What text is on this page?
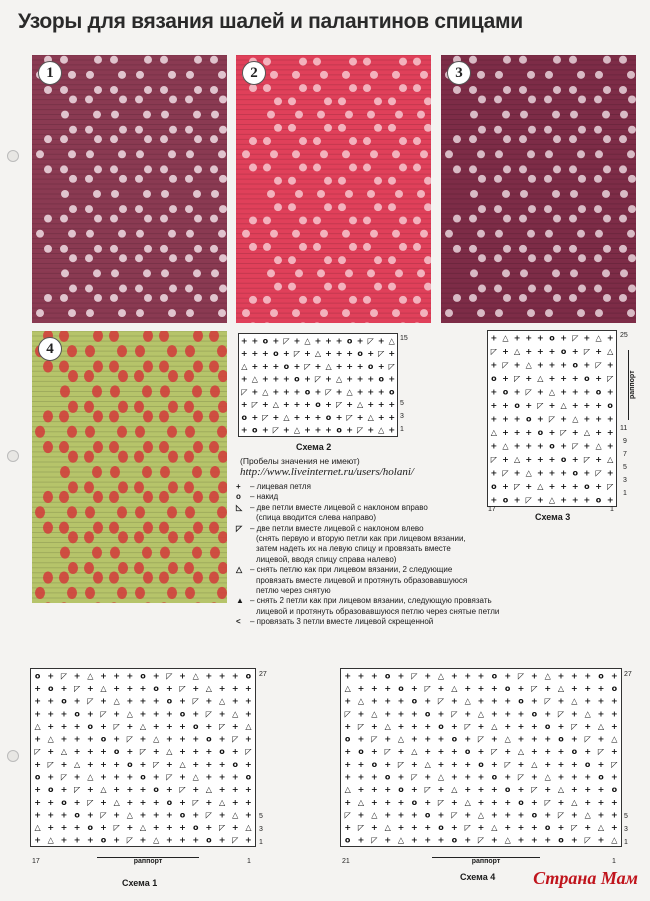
Узоры для вязания шалей и палантинов спицами
1	2	3
4
+ + o + ◸ + △ + + + o + ◸ + △
+ + + o + ◸ + △ + + + o + ◸ +
△ + + + o + ◸ + △ + + + o + ◸
+ △ + + + o + ◸ + △ + + + o +
◸ + △ + + + o + ◸ + △ + + + o
+ ◸ + △ + + + o + ◸ + △ + + +
o + ◸ + △ + + + o + ◸ + △ + +
+ o + ◸ + △ + + + o + ◸ + △ +
15
5
3
1
Схема 2
+ △ + + + o + ◸ + △ +
◸ + △ + + + o + ◸ + △
+ ◸ + △ + + + o + ◸ +
o + ◸ + △ + + + o + ◸
+ o + ◸ + △ + + + o +
+ + o + ◸ + △ + + + o
+ + + o + ◸ + △ + + +
△ + + + o + ◸ + △ + +
+ △ + + + o + ◸ + △ +
◸ + △ + + + o + ◸ + △
+ ◸ + △ + + + o + ◸ +
o + ◸ + △ + + + o + ◸
+ o + ◸ + △ + + + o +
25
11
9
7
5
3
1
раппорт
17	1
Схема 3
(Пробелы значения не имеют)
http://www.liveinternet.ru/users/holani/
+ – лицевая петля
o – накид
◺ – две петли вместе лицевой с наклоном вправо
(спица вводится слева направо)
◸ – две петли вместе лицевой с наклоном влево
(снять первую и вторую петли как при лицевом вязании,
затем надеть их на левую спицу и провязать вместе
лицевой, вводя спицу справа налево)
△ – снять петлю как при лицевом вязании, 2 следующие
провязать вместе лицевой и протянуть образовавшуюся
петлю через снятую
▲ – снять 2 петли как при лицевом вязании, следующую провязать
лицевой и протянуть образовавшуюся петлю через снятые петли
< – провязать 3 петли вместе лицевой скрещенной
o + ◸ + △ + + + o + ◸ + △ + + + o
+ o + ◸ + △ + + + o + ◸ + △ + + +
+ + o + ◸ + △ + + + o + ◸ + △ + +
+ + + o + ◸ + △ + + + o + ◸ + △ +
△ + + + o + ◸ + △ + + + o + ◸ + △
+ △ + + + o + ◸ + △ + + + o + ◸ +
◸ + △ + + + o + ◸ + △ + + + o + ◸
+ ◸ + △ + + + o + ◸ + △ + + + o +
o + ◸ + △ + + + o + ◸ + △ + + + o
+ o + ◸ + △ + + + o + ◸ + △ + + +
+ + o + ◸ + △ + + + o + ◸ + △ + +
+ + + o + ◸ + △ + + + o + ◸ + △ +
△ + + + o + ◸ + △ + + + o + ◸ + △
+ △ + + + o + ◸ + △ + + + o + ◸ +
27
5
3
1
17	1
раппорт
Схема 1
+ + + o + ◸ + △ + + + o + ◸ + △ + + + o +
△ + + + o + ◸ + △ + + + o + ◸ + △ + + + o
+ △ + + + o + ◸ + △ + + + o + ◸ + △ + + +
◸ + △ + + + o + ◸ + △ + + + o + ◸ + △ + +
+ ◸ + △ + + + o + ◸ + △ + + + o + ◸ + △ +
o + ◸ + △ + + + o + ◸ + △ + + + o + ◸ + △
+ o + ◸ + △ + + + o + ◸ + △ + + + o + ◸ +
+ + o + ◸ + △ + + + o + ◸ + △ + + + o + ◸
+ + + o + ◸ + △ + + + o + ◸ + △ + + + o +
△ + + + o + ◸ + △ + + + o + ◸ + △ + + + o
+ △ + + + o + ◸ + △ + + + o + ◸ + △ + + +
◸ + △ + + + o + ◸ + △ + + + o + ◸ + △ + +
+ ◸ + △ + + + o + ◸ + △ + + + o + ◸ + △ +
o + ◸ + △ + + + o + ◸ + △ + + + o + ◸ + △
27
5
3
1
21	1
раппорт
Схема 4 Страна Мам
